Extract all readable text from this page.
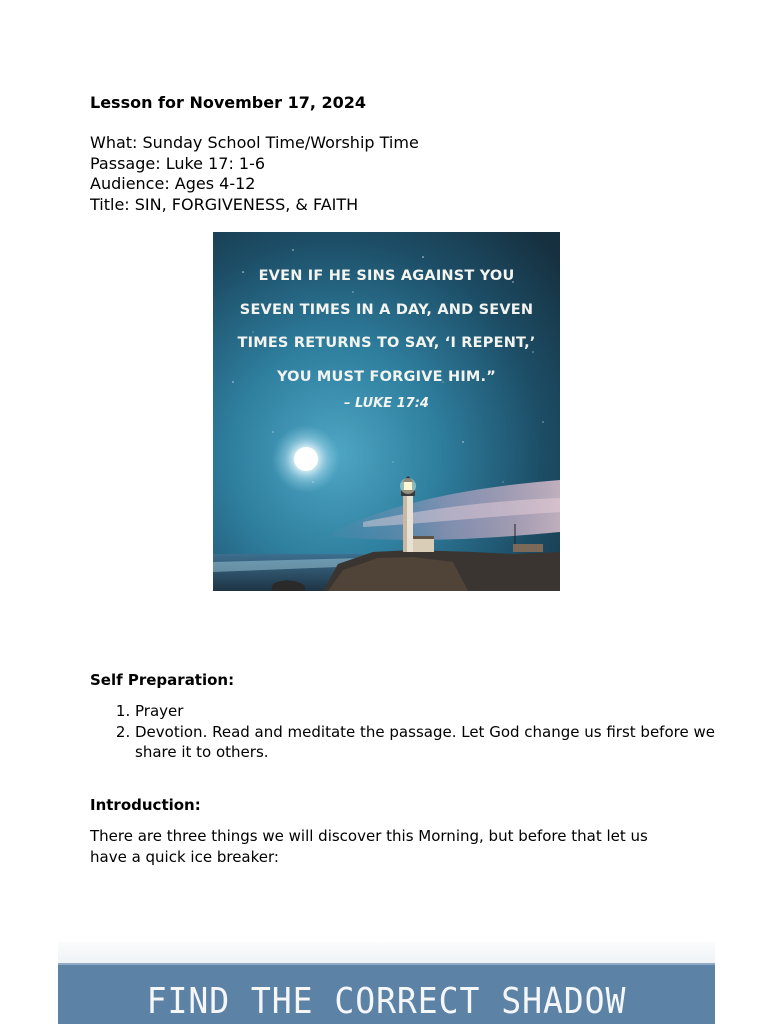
Lesson for November 17, 2024
What: Sunday School Time/Worship Time
Passage: Luke 17: 1-6
Audience: Ages 4-12
Title: SIN, FORGIVENESS, & FAITH
EVEN IF HE SINS AGAINST YOU
SEVEN TIMES IN A DAY, AND SEVEN
TIMES RETURNS TO SAY, ‘I REPENT,’
YOU MUST FORGIVE HIM.”
– LUKE 17:4
Self Preparation:
1. Prayer
2. Devotion. Read and meditate the passage. Let God change us first before we share it to others.
Introduction:

There are three things we will discover this Morning, but before that let us have a quick ice breaker:

FIND THE CORRECT SHADOW
